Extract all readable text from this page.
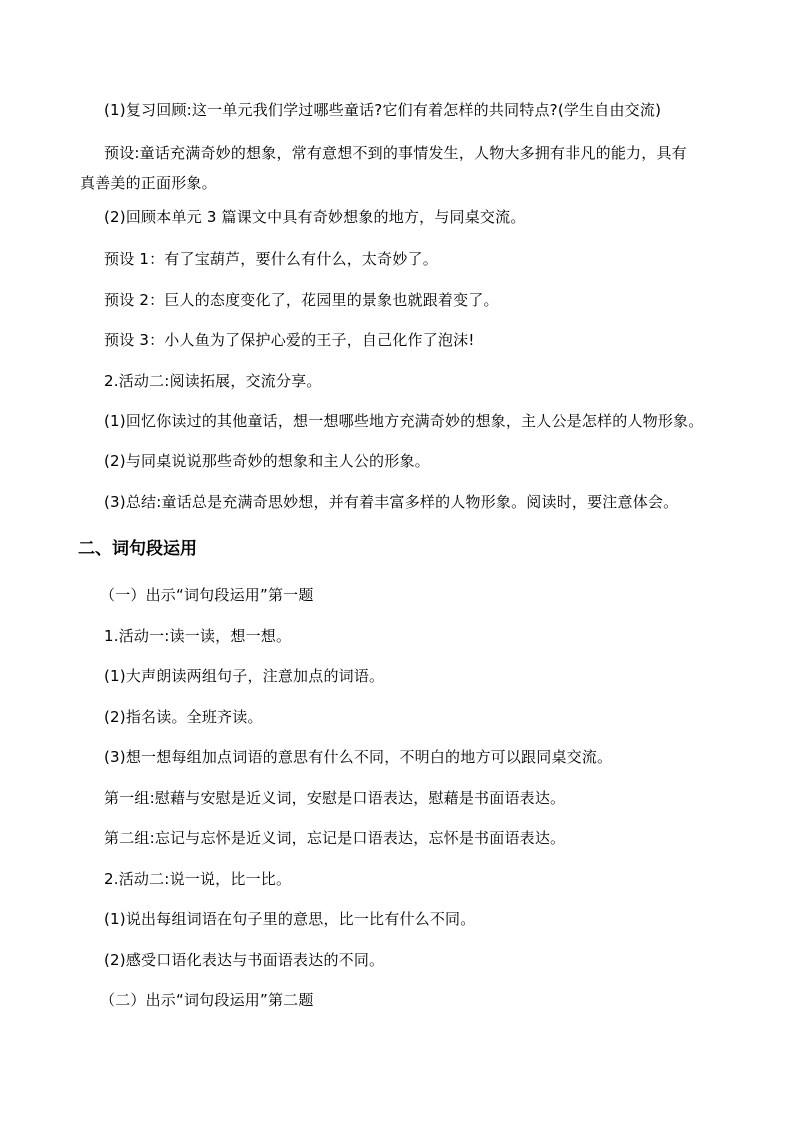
(1)复习回顾:这一单元我们学过哪些童话?它们有着怎样的共同特点?(学生自由交流)
预设:童话充满奇妙的想象，常有意想不到的事情发生，人物大多拥有非凡的能力，具有真善美的正面形象。
(2)回顾本单元 3 篇课文中具有奇妙想象的地方，与同桌交流。
预设 1：有了宝葫芦，要什么有什么，太奇妙了。
预设 2：巨人的态度变化了，花园里的景象也就跟着变了。
预设 3：小人鱼为了保护心爱的王子，自己化作了泡沫!
2.活动二:阅读拓展，交流分享。
(1)回忆你读过的其他童话，想一想哪些地方充满奇妙的想象，主人公是怎样的人物形象。
(2)与同桌说说那些奇妙的想象和主人公的形象。
(3)总结:童话总是充满奇思妙想，并有着丰富多样的人物形象。阅读时，要注意体会。
二、词句段运用
（一）出示“词句段运用”第一题
1.活动一:读一读，想一想。
(1)大声朗读两组句子，注意加点的词语。
(2)指名读。全班齐读。
(3)想一想每组加点词语的意思有什么不同，不明白的地方可以跟同桌交流。
第一组:慰藉与安慰是近义词，安慰是口语表达，慰藉是书面语表达。
第二组:忘记与忘怀是近义词，忘记是口语表达，忘怀是书面语表达。
2.活动二:说一说，比一比。
(1)说出每组词语在句子里的意思，比一比有什么不同。
(2)感受口语化表达与书面语表达的不同。
（二）出示“词句段运用”第二题
